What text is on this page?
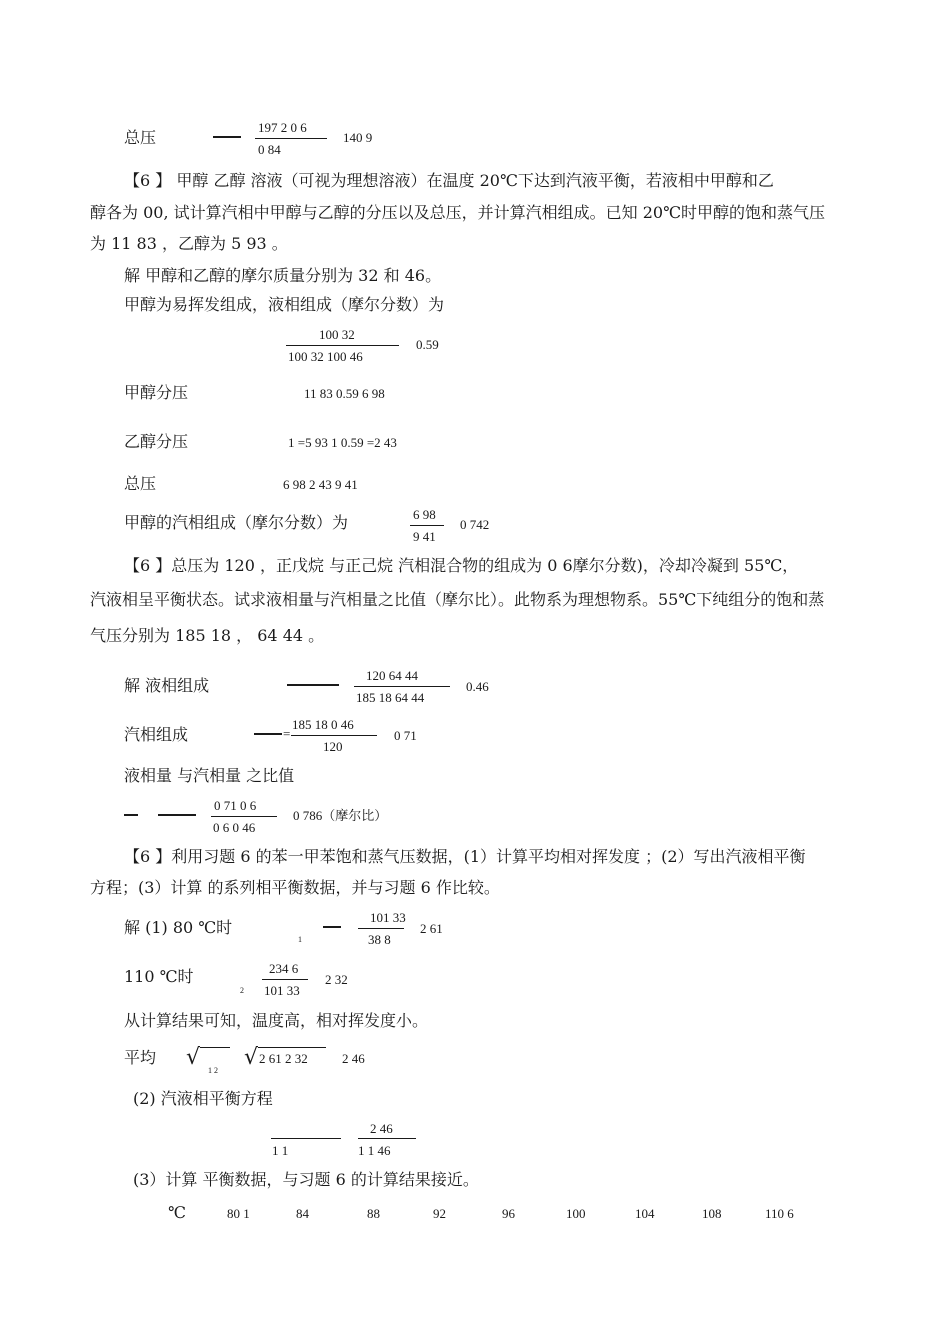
总压
197 2 0 6
0 84
140 9
【6 】 甲醇 乙醇 溶液（可视为理想溶液）在温度 20℃下达到汽液平衡，若液相中甲醇和乙
醇各为 00, 试计算汽相中甲醇与乙醇的分压以及总压，并计算汽相组成。已知 20℃时甲醇的饱和蒸气压
为 11 83 ，乙醇为 5 93 。
解 甲醇和乙醇的摩尔质量分别为 32 和 46。
甲醇为易挥发组成，液相组成（摩尔分数）为
100 32
100 32 100 46
0.59
甲醇分压	11 83 0.59 6 98
乙醇分压	1 =5 93 1 0.59 =2 43
总压	6 98 2 43 9 41
甲醇的汽相组成（摩尔分数）为	6 98
9 41
0 742
【6 】总压为 120 ，正戊烷 与正己烷 汽相混合物的组成为 0 6摩尔分数)，冷却冷凝到 55℃，
汽液相呈平衡状态。试求液相量与汽相量之比值（摩尔比）。此物系为理想物系。55℃下纯组分的饱和蒸
气压分别为 185 18 ， 64 44 。
解 液相组成
120 64 44
185 18 64 44
0.46
汽相组成	=
185 18 0 46
120
0 71
液相量 与汽相量 之比值
0 71 0 6
0 6 0 46
0 786（摩尔比）
【6 】利用习题 6 的苯一甲苯饱和蒸气压数据，(1）计算平均相对挥发度 ；(2）写出汽液相平衡
方程；(3）计算 的系列相平衡数据，并与习题 6 作比较。
解 (1) 80 ℃时
1
101 33
38 8
2 61
110 ℃时
2
234 6
101 33
2 32
从计算结果可知，温度高，相对挥发度小。
平均 √
1 2
√ 2 61 2 32	2 46
(2) 汽液相平衡方程
1 1
2 46
1 1 46
(3）计算 平衡数据，与习题 6 的计算结果接近。
℃	80 1	84	88	92	96	100	104	108	110 6
